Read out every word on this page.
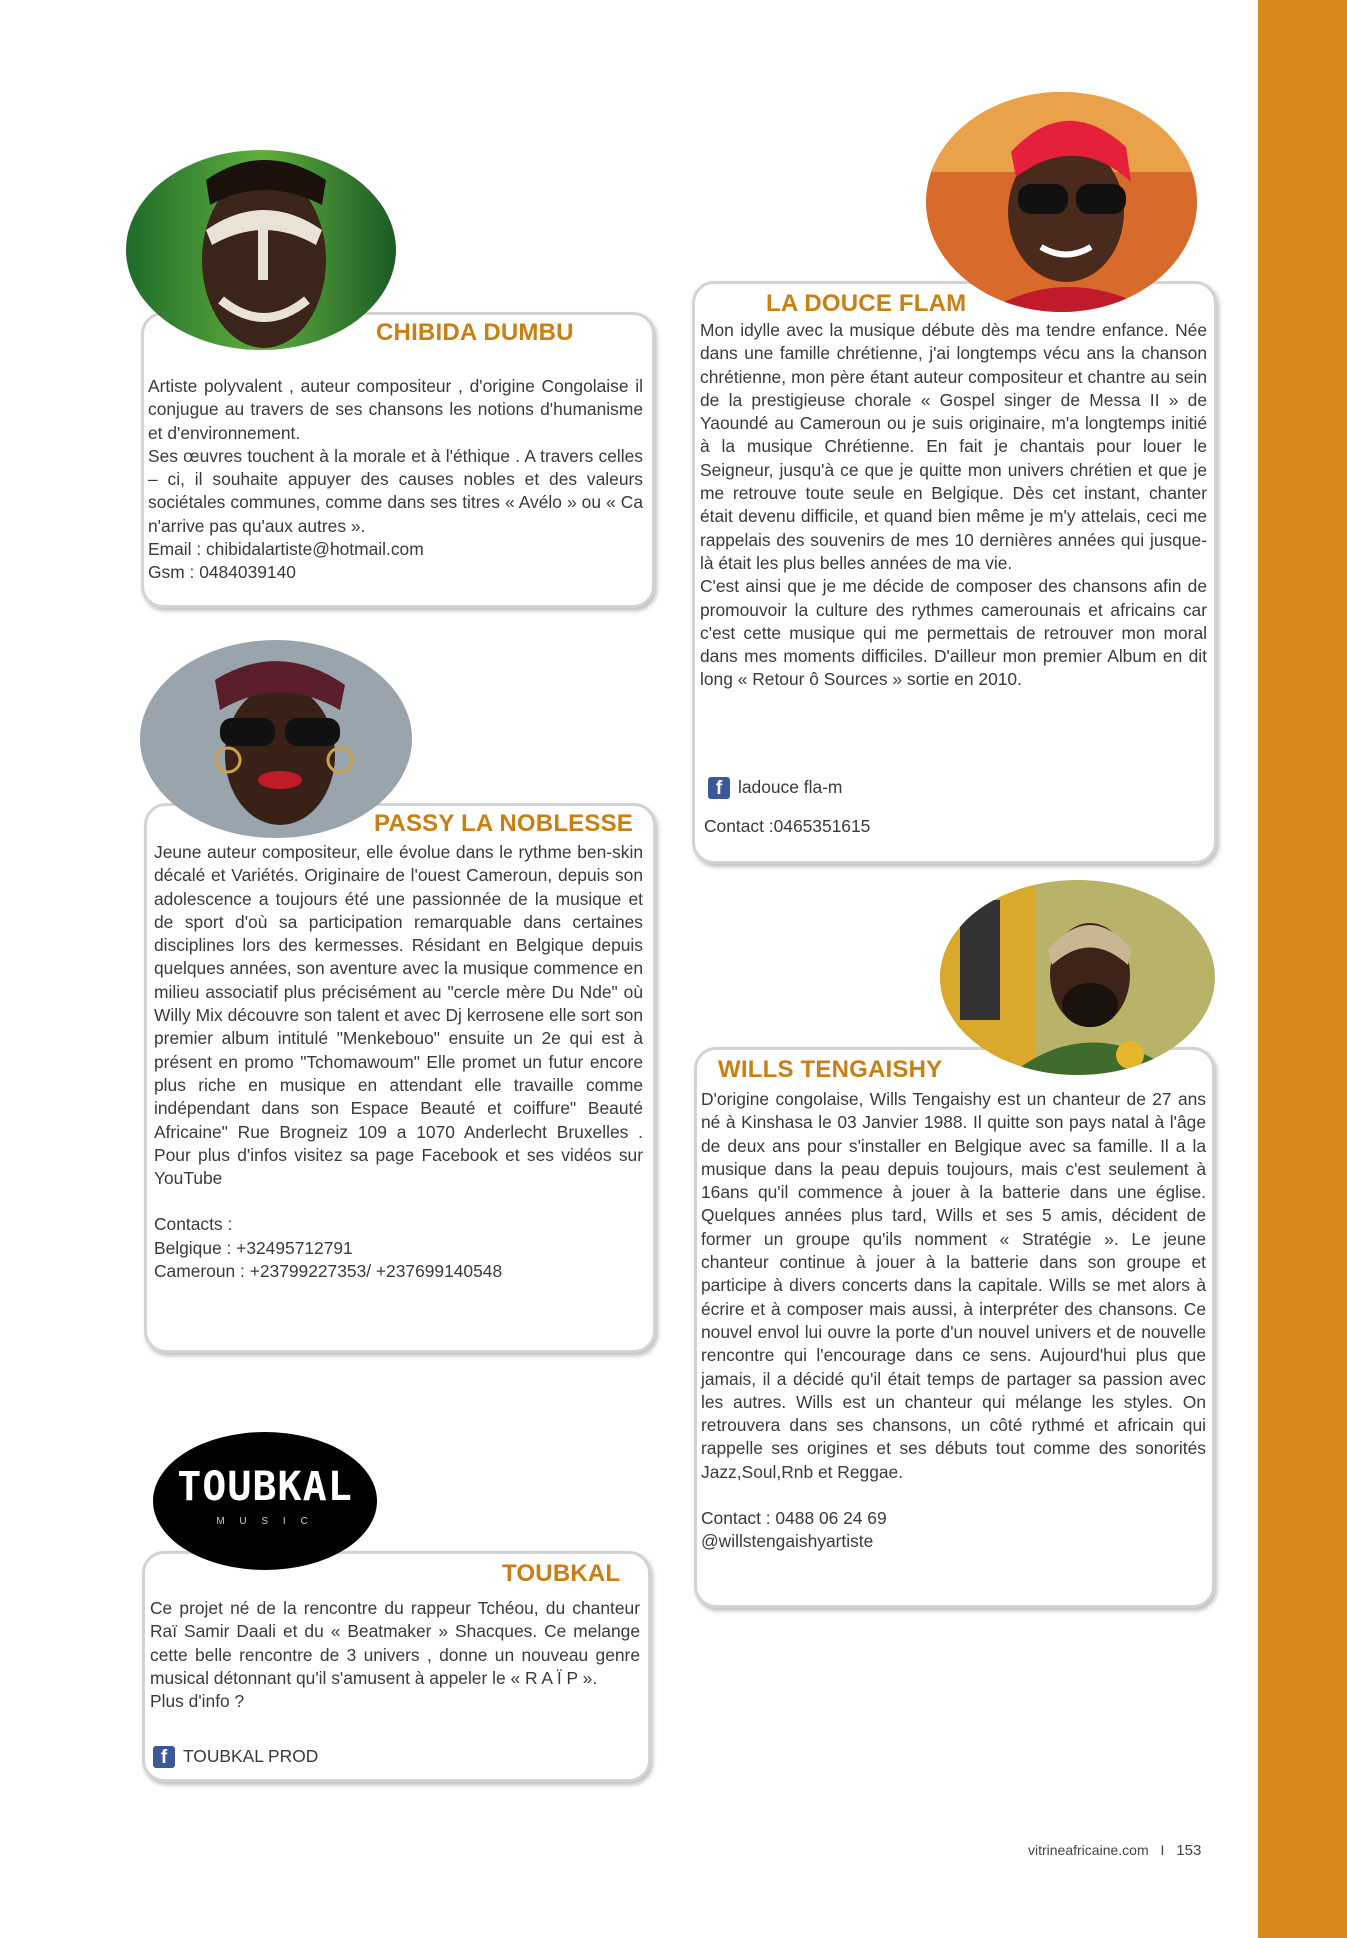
CHIBIDA DUMBU

Artiste polyvalent , auteur compositeur , d'origine Congolaise il conjugue au travers de ses chansons les notions d'humanisme et d'environnement.

Ses œuvres touchent à la morale et à l'éthique . A travers celles – ci, il souhaite appuyer des causes nobles et des valeurs sociétales communes, comme dans ses titres « Avélo » ou « Ca n'arrive pas qu'aux autres ».

Email : chibidalartiste@hotmail.com

Gsm : 0484039140

PASSY LA NOBLESSE

Jeune auteur compositeur, elle évolue dans le rythme ben-skin décalé et Variétés. Originaire de l'ouest Cameroun, depuis son adolescence a toujours été une passionnée de la musique et de sport d'où sa participation remarquable dans certaines disciplines lors des kermesses. Résidant en Belgique depuis quelques années, son aventure avec la musique commence en milieu associatif plus précisément au "cercle mère Du Nde" où Willy Mix découvre son talent et avec Dj kerrosene elle sort son premier album intitulé "Menkebouo" ensuite un 2e qui est à présent en promo "Tchomawoum" Elle promet un futur encore plus riche en musique en attendant elle travaille comme indépendant dans son Espace Beauté et coiffure" Beauté Africaine" Rue Brogneiz 109 a 1070 Anderlecht Bruxelles . Pour plus d'infos visitez sa page Facebook et ses vidéos sur YouTube

Contacts :

Belgique : +32495712791

Cameroun : +23799227353/ +237699140548

TOUBKAL
M U S I C
TOUBKAL

Ce projet né de la rencontre du rappeur Tchéou, du chanteur Raï Samir Daali et du « Beatmaker » Shacques. Ce melange cette belle rencontre de 3 univers , donne un nouveau genre musical détonnant qu'il s'amusent à appeler le « R A Ï P ».

Plus d'info ?

f TOUBKAL PROD
LA DOUCE FLAM

Mon idylle avec la musique débute dès ma tendre enfance. Née dans une famille chrétienne, j'ai longtemps vécu ans la chanson chrétienne, mon père étant auteur compositeur et chantre au sein de la prestigieuse chorale « Gospel singer de Messa II » de Yaoundé au Cameroun ou je suis originaire, m'a longtemps initié à la musique Chrétienne. En fait je chantais pour louer le Seigneur, jusqu'à ce que je quitte mon univers chrétien et que je me retrouve toute seule en Belgique. Dès cet instant, chanter était devenu difficile, et quand bien même je m'y attelais, ceci me rappelais des souvenirs de mes 10 dernières années qui jusque-là était les plus belles années de ma vie.

C'est ainsi que je me décide de composer des chansons afin de promouvoir la culture des rythmes camerounais et africains car c'est cette musique qui me permettais de retrouver mon moral dans mes moments difficiles. D'ailleur mon premier Album en dit long « Retour ô Sources » sortie en 2010.

f ladouce fla-m
Contact :0465351615
WILLS TENGAISHY

D'origine congolaise, Wills Tengaishy est un chanteur de 27 ans né à Kinshasa le 03 Janvier 1988. Il quitte son pays natal à l'âge de deux ans pour s'installer en Belgique avec sa famille. Il a la musique dans la peau depuis toujours, mais c'est seulement à 16ans qu'il commence à jouer à la batterie dans une église. Quelques années plus tard, Wills et ses 5 amis, décident de former un groupe qu'ils nomment « Stratégie ». Le jeune chanteur continue à jouer à la batterie dans son groupe et participe à divers concerts dans la capitale. Wills se met alors à écrire et à composer mais aussi, à interpréter des chansons. Ce nouvel envol lui ouvre la porte d'un nouvel univers et de nouvelle rencontre qui l'encourage dans ce sens. Aujourd'hui plus que jamais, il a décidé qu'il était temps de partager sa passion avec les autres. Wills est un chanteur qui mélange les styles. On retrouvera dans ses chansons, un côté rythmé et africain qui rappelle ses origines et ses débuts tout comme des sonorités Jazz,Soul,Rnb et Reggae.

Contact : 0488 06 24 69

@willstengaishyartiste

vitrineafricaine.com I 153
